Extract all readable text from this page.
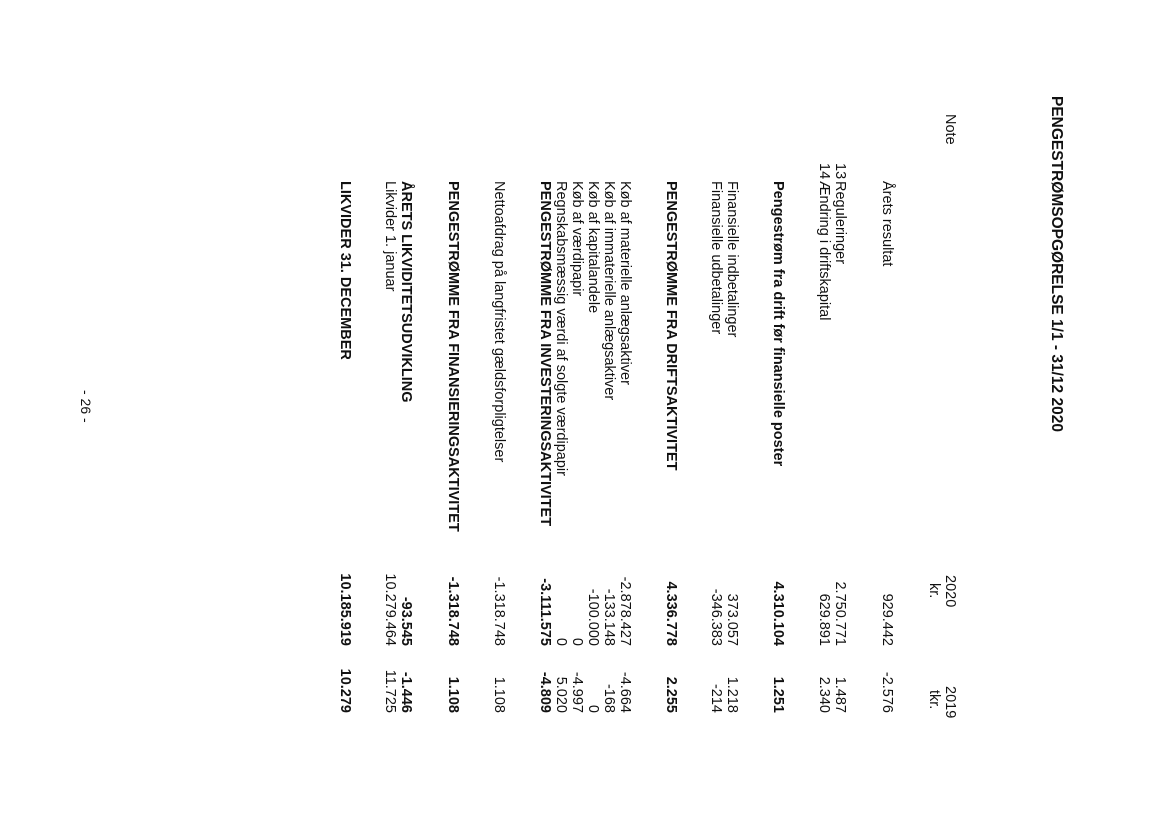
PENGESTRØMSOPGØRELSE 1/1 - 31/12 2020
Note
2020
kr.
2019
tkr.
Årets resultat
929.442
-2.576
13
Reguleringer
2.750.771
1.487
14
Ændring i driftskapital
629.891
2.340
Pengestrøm fra drift før finansielle poster
4.310.104
1.251
Finansielle indbetalinger
373.057
1.218
Finansielle udbetalinger
-346.383
-214
PENGESTRØMME FRA DRIFTSAKTIVITET
4.336.778
2.255
Køb af materielle anlægsaktiver
-2.878.427
-4.664
Køb af immaterielle anlægsaktiver
-133.148
-168
Køb af kapitalandele
-100.000
0
Køb af værdipapir
0
-4.997
Regnskabsmæssig værdi af solgte værdipapir
0
5.020
PENGESTRØMME FRA INVESTERINGSAKTIVITET
-3.111.575
-4.809
Nettoafdrag på langfristet gældsforpligtelser
-1.318.748
1.108
PENGESTRØMME FRA FINANSIERINGSAKTIVITET
-1.318.748
1.108
ÅRETS LIKVIDITETSUDVIKLING
-93.545
-1.446
Likvider 1. januar
10.279.464
11.725
LIKVIDER 31. DECEMBER
10.185.919
10.279
- 26 -
